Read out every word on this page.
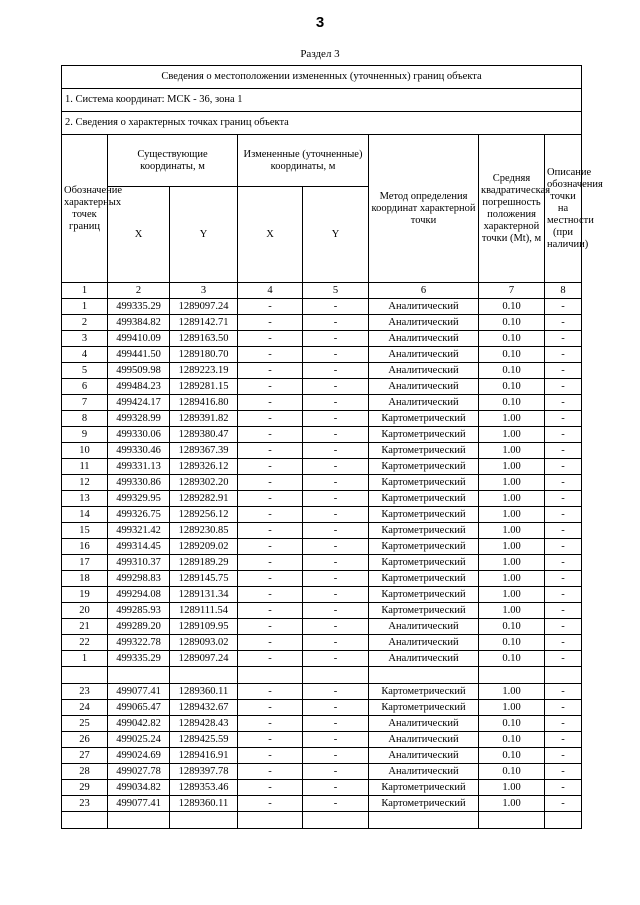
3
Раздел 3
Сведения о местоположении измененных (уточненных) границ объекта							
1. Система координат: МСК - 36, зона 1							
2. Сведения о характерных точках границ объекта							
Обозначение характерных точек границ	Существующие координаты, м		Измененные (уточненные) координаты, м		Метод определения координат характерной точки	Средняя квадратическая погрешность положения характерной точки (Mt), м	Описание обозначения точки на местности (при наличии)
	X	Y	X	Y			
1	2	3	4	5	6	7	8
1	499335.29	1289097.24	-	-	Аналитический	0.10	-
2	499384.82	1289142.71	-	-	Аналитический	0.10	-
3	499410.09	1289163.50	-	-	Аналитический	0.10	-
4	499441.50	1289180.70	-	-	Аналитический	0.10	-
5	499509.98	1289223.19	-	-	Аналитический	0.10	-
6	499484.23	1289281.15	-	-	Аналитический	0.10	-
7	499424.17	1289416.80	-	-	Аналитический	0.10	-
8	499328.99	1289391.82	-	-	Картометрический	1.00	-
9	499330.06	1289380.47	-	-	Картометрический	1.00	-
10	499330.46	1289367.39	-	-	Картометрический	1.00	-
11	499331.13	1289326.12	-	-	Картометрический	1.00	-
12	499330.86	1289302.20	-	-	Картометрический	1.00	-
13	499329.95	1289282.91	-	-	Картометрический	1.00	-
14	499326.75	1289256.12	-	-	Картометрический	1.00	-
15	499321.42	1289230.85	-	-	Картометрический	1.00	-
16	499314.45	1289209.02	-	-	Картометрический	1.00	-
17	499310.37	1289189.29	-	-	Картометрический	1.00	-
18	499298.83	1289145.75	-	-	Картометрический	1.00	-
19	499294.08	1289131.34	-	-	Картометрический	1.00	-
20	499285.93	1289111.54	-	-	Картометрический	1.00	-
21	499289.20	1289109.95	-	-	Аналитический	0.10	-
22	499322.78	1289093.02	-	-	Аналитический	0.10	-
1	499335.29	1289097.24	-	-	Аналитический	0.10	-

23	499077.41	1289360.11	-	-	Картометрический	1.00	-
24	499065.47	1289432.67	-	-	Картометрический	1.00	-
25	499042.82	1289428.43	-	-	Аналитический	0.10	-
26	499025.24	1289425.59	-	-	Аналитический	0.10	-
27	499024.69	1289416.91	-	-	Аналитический	0.10	-
28	499027.78	1289397.78	-	-	Аналитический	0.10	-
29	499034.82	1289353.46	-	-	Картометрический	1.00	-
23	499077.41	1289360.11	-	-	Картометрический	1.00	-
